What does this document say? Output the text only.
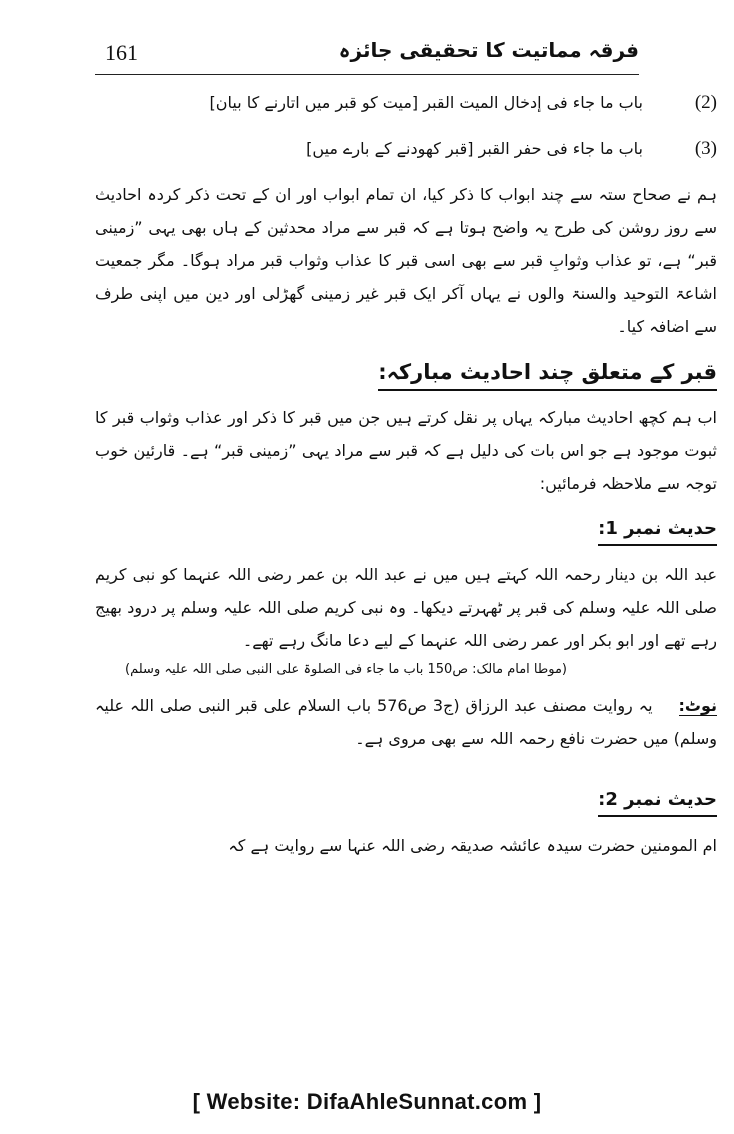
161	فرقہ مماتیت کا تحقیقی جائزہ
(2)
باب ما جاء فی إدخال المیت القبر [میت کو قبر میں اتارنے کا بیان]
(3)
باب ما جاء فی حفر القبر [قبر کھودنے کے بارے میں]

ہم نے صحاح ستہ سے چند ابواب کا ذکر کیا، ان تمام ابواب اور ان کے تحت ذکر کردہ احادیث سے روز روشن کی طرح یہ واضح ہوتا ہے کہ قبر سے مراد محدثین کے ہاں بھی یہی ”زمینی قبر“ ہے، تو عذاب وثوابِ قبر سے بھی اسی قبر کا عذاب وثواب قبر مراد ہوگا۔ مگر جمعیت اشاعۃ التوحید والسنۃ والوں نے یہاں آکر ایک قبر غیر زمینی گھڑلی اور دین میں اپنی طرف سے اضافہ کیا۔

قبر کے متعلق چند احادیث مبارکہ:

اب ہم کچھ احادیث مبارکہ یہاں پر نقل کرتے ہیں جن میں قبر کا ذکر اور عذاب وثواب قبر کا ثبوت موجود ہے جو اس بات کی دلیل ہے کہ قبر سے مراد یہی ”زمینی قبر“ ہے۔ قارئین خوب توجہ سے ملاحظہ فرمائیں:

حدیث نمبر 1:

عبد اللہ بن دینار رحمہ اللہ کہتے ہیں میں نے عبد اللہ بن عمر رضی اللہ عنہما کو نبی کریم صلی اللہ علیہ وسلم کی قبر پر ٹھہرتے دیکھا۔ وہ نبی کریم صلی اللہ علیہ وسلم پر درود بھیج رہے تھے اور ابو بکر اور عمر رضی اللہ عنہما کے لیے دعا مانگ رہے تھے۔

(موطا امام مالک: ص150 باب ما جاء فی الصلوۃ علی النبی صلی اللہ علیہ وسلم)

نوٹ: یہ روایت مصنف عبد الرزاق (ج3 ص576 باب السلام علی قبر النبی صلی اللہ علیہ وسلم) میں حضرت نافع رحمہ اللہ سے بھی مروی ہے۔

حدیث نمبر 2:

ام المومنین حضرت سیدہ عائشہ صدیقہ رضی اللہ عنہا سے روایت ہے کہ

[ Website: DifaAhleSunnat.com ]
